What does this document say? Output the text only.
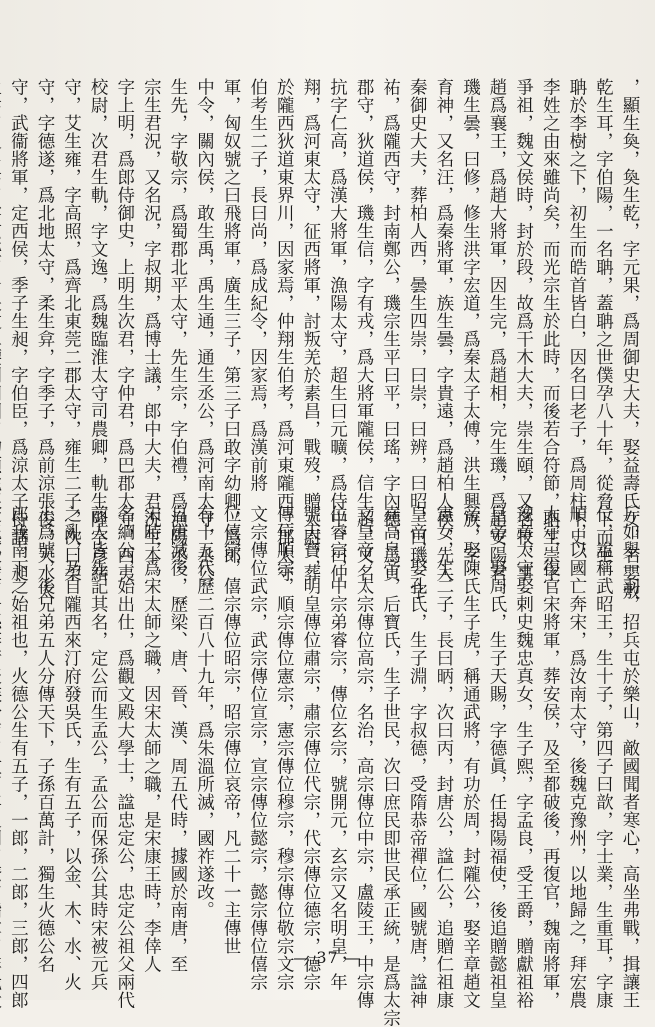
，顯生奐，奐生乾，字元果，爲周御史大夫，娶益壽氏女，名嬰敷
乾生耳，字伯陽，一名聃，蓋聃之世僕孕八十年，從脅下而生
聃於李樹之下，初生而皓首皆白，因名曰老子，爲周柱下史，
李姓之由來雖尚矣，而光宗生於此時，而後若合符節，聃生崇字
爭祖，魏文侯時，封於段，故爲干木大夫，崇生頤，又名牧，事
趙爲襄王，爲趙大將軍，因生完，爲趙相，完生璣，爲趙安陽君，
璣生曇，曰修，修生洪字宏道，爲秦太子太傅，洪生興族，字
育神，又名汪，爲秦將軍，族生曇，字貴遠，爲趙柏人侯，先入
秦御史大夫，葬柏人西，曇生四崇，曰崇，曰辨，曰昭，曰璣，字
祐，爲隴西守，封南鄭公，璣宗生平曰平，曰瑤，字內德，爲貞
郡守，狄道侯，璣生信，字有戎，爲大將軍隴侯，信生超，又名
抗字仁高，爲漢大將軍，漁陽太守，超生曰元曠，爲侍中，曰仲
翔，爲河東太守，征西將軍，討叛羌於素昌，戰歿，贈太尉，葬
於隴西狄道東界川，因家焉，仲翔生伯考，爲河東隴西二郡太守
伯考生二子，長曰尚，爲成紀令，因家焉，爲漢前將
軍，匈奴號之曰飛將軍，廣生三子，第三子曰敢字幼卿，爲郎
中令，關內侯，敢生禹，禹生通，通生丞公，爲河南太守，丞公
生先，字敬宗，爲蜀郡北平太守，先生宗，字伯禮，爲漁陽丞，
宗生君況，又名況，字叔期，爲博士議，郎中大夫，君況生本
字上明，爲郎侍御史，上明生次君，字仲君，爲巴郡太守，西夷
校尉，次君生軌，字文逸，爲魏臨淮太守司農卿，軌生隆字彥緒
守，艾生雍，字高照，爲齊北東莞二郡太守，雍生二子，次曰柔
守，字德遂，爲北地太守，柔生弇，字季子，爲前涼張俊，天水太
守，武衞將軍，定西侯，季子生昶，字伯臣，爲涼太子侍講，昶
斤如舉一羽，招兵屯於樂山，敵國聞者寒心，高坐弗戰，揖讓王
位，諡稱武昭王，生十子，第四子曰歆，字士業，生重耳，字康
順，以國亡奔宋，爲汝南太守，後魏克豫州，以地歸之，拜宏農
太守，復官宋將軍，葬安侯，及至都破後，再復官，魏南將軍，
豫章太守娶剌史魏忠真女，生子熙，字孟良，受王爵，贈獻祖裕
皇帝，娶周氏，生子天賜，字德眞，任揭陽福使，後追贈懿祖皇
帝，娶陳氏生子虎，稱通武將，有功於周，封隴公，娶辛章趙文
憲女，生二子，長曰昞，次曰丙，封唐公，諡仁公，追贈仁祖康
皇帝，娶孔氏，生子淵，字叔德，受隋恭帝禪位，國號唐，諡神
堯高皇帝，后寶氏，生子世民，次曰庶民即世民承正統，是爲太宗
文皇帝，太宗傳位高宗，名治，高宗傳位中宗，盧陵王，中宗傳
位睿宗，中宗弟睿宗，傳位玄宗，號開元，玄宗又名明皇，年
號天寶，明皇傳位肅宗，肅宗傳位代宗，代宗傳位德宗，德宗
傳位順宗，順宗傳位憲宗，憲宗傳位穆宗，穆宗傳位敬宗文宗
文宗傳位武宗，武宗傳位宣宗，宣宗傳位懿宗，懿宗傳位僖宗
位僖宗，僖宗傳位昭宗，昭宗傳位哀帝，凡二十一主傳世
有十五代歷二百八十九年，爲朱溫所滅，國祚遂改。
自唐滅後，歷梁、唐、晉、漢、周五代時，據國於南唐，至
宋時，爲宋太師之職，因宋太師之職，是宋康王時，李倖人
名綱公，始出仕，爲觀文殿大學士，諡忠定公，忠定公祖父兩代
前人皆先記其名，定公而生孟公，孟公而保孫公其時宋被元兵
之亂，乃自隴西來汀府發吳氏，生有五子，以金、木、水、火
土爲號，後兄弟五人分傳天下，子孫百萬計，獨生火德公名
郎我南下之始祖也，火德公生有五子，一郎，二郎，三郎，四郎	— 37 —
